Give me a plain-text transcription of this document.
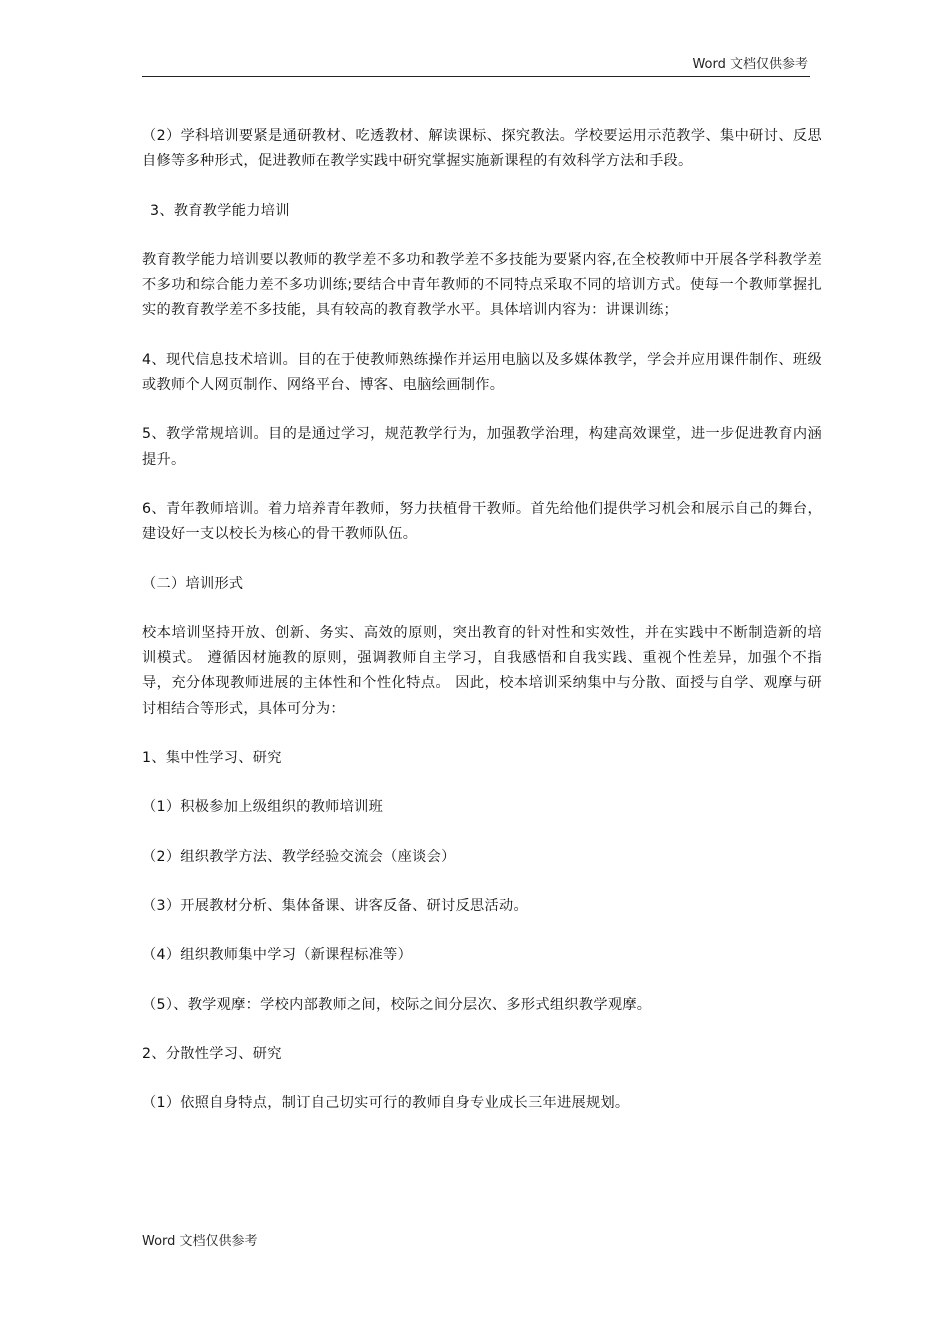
Word 文档仅供参考

（2）学科培训要紧是通研教材、吃透教材、解读课标、探究教法。学校要运用示范教学、集中研讨、反思自修等多种形式，促进教师在教学实践中研究掌握实施新课程的有效科学方法和手段。

3、教育教学能力培训

教育教学能力培训要以教师的教学差不多功和教学差不多技能为要紧内容,在全校教师中开展各学科教学差不多功和综合能力差不多功训练;要结合中青年教师的不同特点采取不同的培训方式。使每一个教师掌握扎实的教育教学差不多技能，具有较高的教育教学水平。具体培训内容为：讲课训练；

4、现代信息技术培训。目的在于使教师熟练操作并运用电脑以及多媒体教学，学会并应用课件制作、班级或教师个人网页制作、网络平台、博客、电脑绘画制作。

5、教学常规培训。目的是通过学习，规范教学行为，加强教学治理，构建高效课堂，进一步促进教育内涵提升。

6、青年教师培训。着力培养青年教师，努力扶植骨干教师。首先给他们提供学习机会和展示自己的舞台，建设好一支以校长为核心的骨干教师队伍。

（二）培训形式

校本培训坚持开放、创新、务实、高效的原则，突出教育的针对性和实效性，并在实践中不断制造新的培训模式。 遵循因材施教的原则，强调教师自主学习，自我感悟和自我实践、重视个性差异，加强个不指导，充分体现教师进展的主体性和个性化特点。 因此，校本培训采纳集中与分散、面授与自学、观摩与研讨相结合等形式，具体可分为：

1、集中性学习、研究

（1）积极参加上级组织的教师培训班

（2）组织教学方法、教学经验交流会（座谈会）

（3）开展教材分析、集体备课、讲客反备、研讨反思活动。

（4）组织教师集中学习（新课程标准等）

（5）、教学观摩：学校内部教师之间，校际之间分层次、多形式组织教学观摩。

2、分散性学习、研究

（1）依照自身特点，制订自己切实可行的教师自身专业成长三年进展规划。

Word 文档仅供参考
